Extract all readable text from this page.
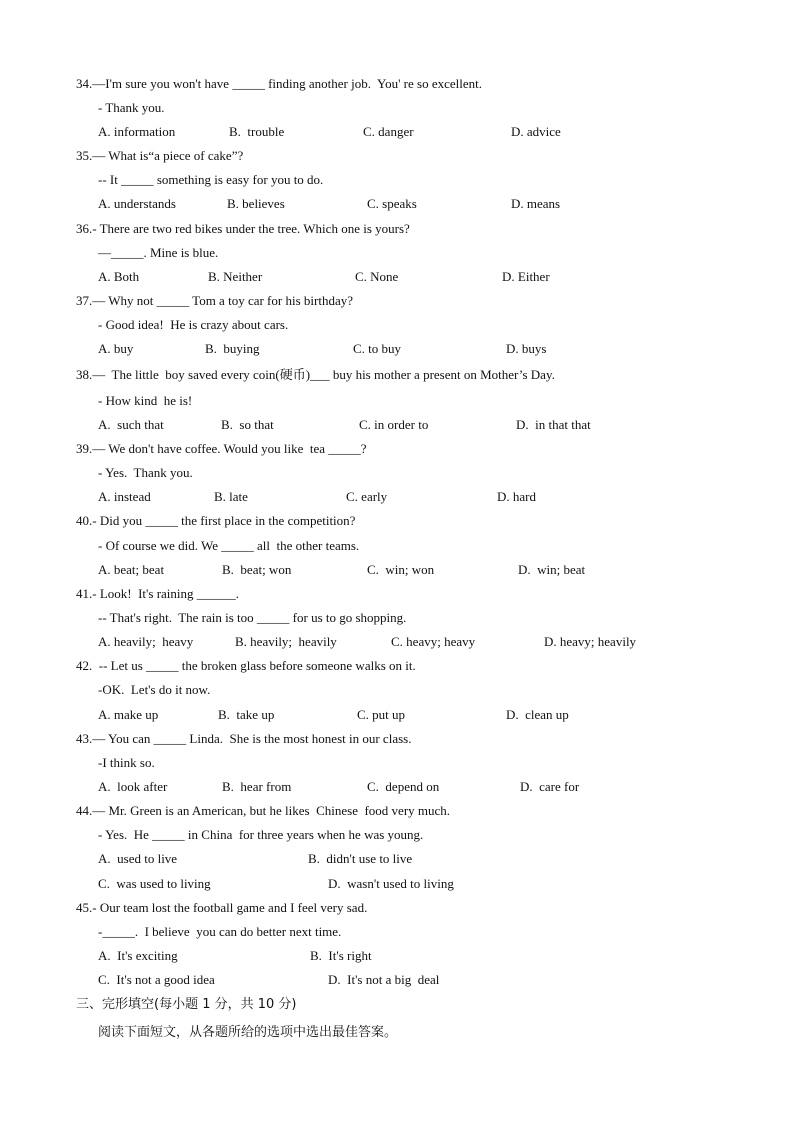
34.—I'm sure you won't have _____ finding another job.  You' re so excellent.
- Thank you.
A. information	B.  trouble	C. danger	D. advice
35.— What is“a piece of cake”?
-- It _____ something is easy for you to do.
A. understands	B. believes	C. speaks	D. means
36.- There are two red bikes under the tree. Which one is yours?
—_____. Mine is blue.
A. Both	B. Neither	C. None	D. Either
37.— Why not _____ Tom a toy car for his birthday?
- Good idea!  He is crazy about cars.
A. buy	B.  buying	C. to buy	D. buys
38.—  The little  boy saved every coin(硬币)___ buy his mother a present on Mother’s Day.
- How kind  he is!
A.  such that	B.  so that	C. in order to	D.  in that that
39.— We don't have coffee. Would you like  tea _____?
- Yes.  Thank you.
A. instead	B. late	C. early	D. hard
40.- Did you _____ the first place in the competition?
- Of course we did. We _____ all  the other teams.
A. beat; beat	B.  beat; won	C.  win; won	D.  win; beat
41.- Look!  It's raining ______.
-- That's right.  The rain is too _____ for us to go shopping.
A. heavily;  heavy	B. heavily;  heavily	C. heavy; heavy	D. heavy; heavily
42.  -- Let us _____ the broken glass before someone walks on it.
-OK.  Let's do it now.
A. make up	B.  take up	C. put up	D.  clean up
43.— You can _____ Linda.  She is the most honest in our class.
-I think so.
A.  look after	B.  hear from	C.  depend on	D.  care for
44.— Mr. Green is an American, but he likes  Chinese  food very much.
- Yes.  He _____ in China  for three years when he was young.
A.  used to live	B.  didn't use to live
C.  was used to living	D.  wasn't used to living
45.- Our team lost the football game and I feel very sad.
-_____.  I believe  you can do better next time.
A.  It's exciting	B.  It's right
C.  It's not a good idea	D.  It's not a big  deal
三、完形填空(每小题 1 分，共 10 分)
阅读下面短文，从各题所给的选项中选出最佳答案。
